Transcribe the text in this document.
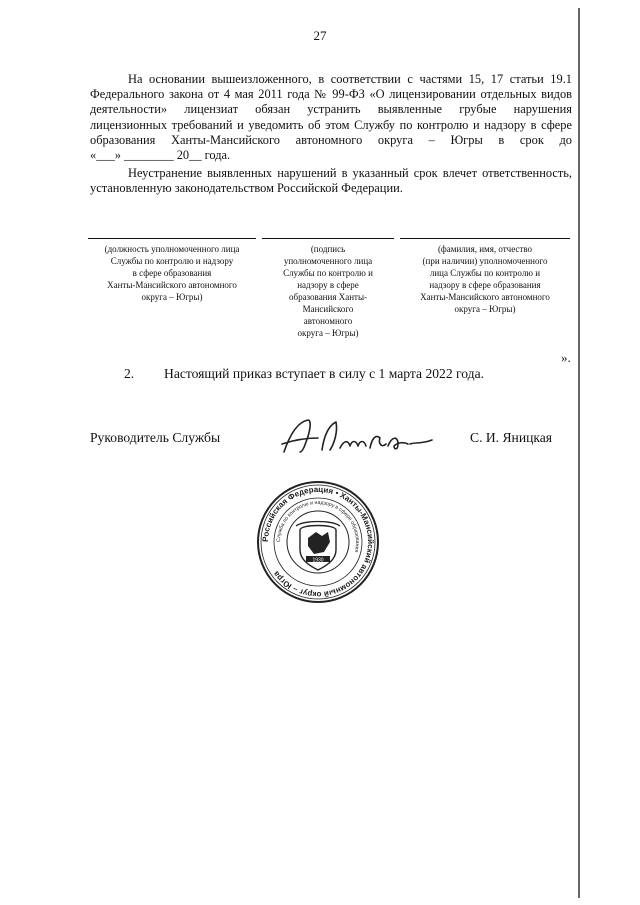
27
На основании вышеизложенного, в соответствии с частями 15, 17 статьи 19.1
Федерального закона от 4 мая 2011 года № 99-ФЗ «О лицензировании отдельных видов
деятельности» лицензиат обязан устранить выявленные грубые нарушения
лицензионных требований и уведомить об этом Службу по контролю и надзору в сфере
образования Ханты-Мансийского автономного округа – Югры в срок до
«___» ________ 20__ года.
Неустранение выявленных нарушений в указанный срок влечет ответственность,
установленную законодательством Российской Федерации.
(должность уполномоченного лица
Службы по контролю и надзору
в сфере образования
Ханты-Мансийского автономного
округа – Югры)
(подпись
уполномоченного лица
Службы по контролю и
надзору в сфере
образования Ханты-
Мансийского
автономного
округа – Югры)
(фамилия, имя, отчество
(при наличии) уполномоченного
лица Службы по контролю и
надзору в сфере образования
Ханты-Мансийского автономного
округа – Югры)
».
2. Настоящий приказ вступает в силу с 1 марта 2022 года.
Руководитель Службы	С. И. Яницкая
Российская Федерация • Ханты-Мансийский автономный округ – Югра
Служба по контролю и надзору в сфере образования
1930
